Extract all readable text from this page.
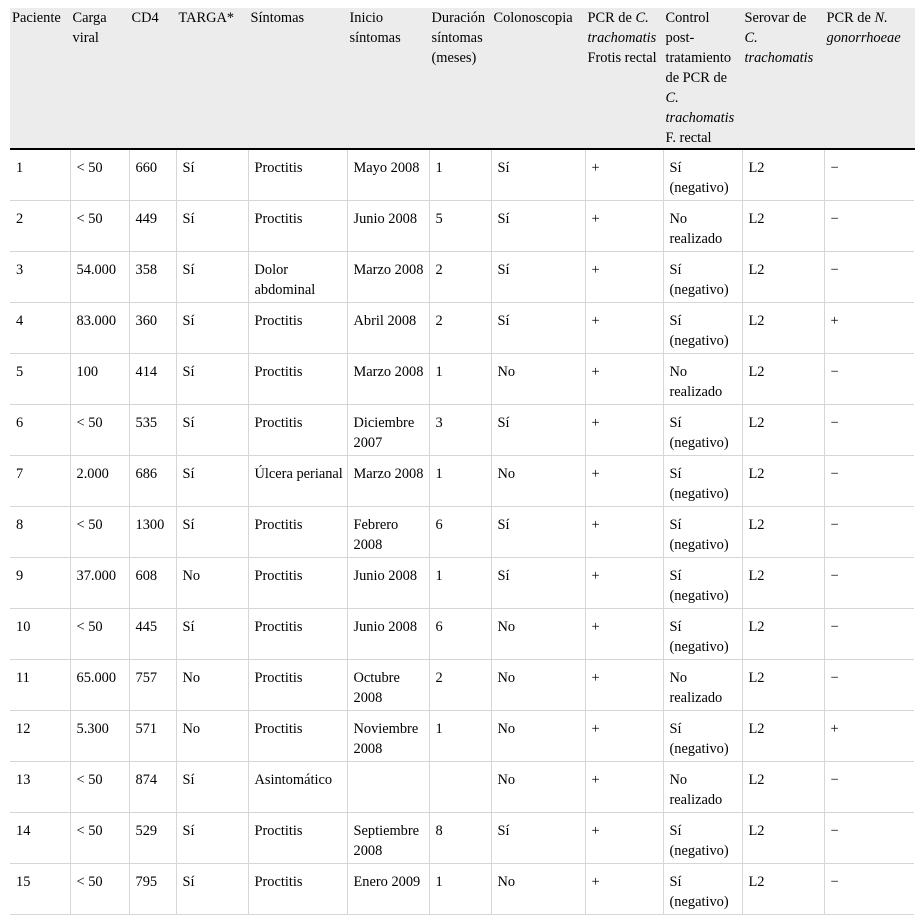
Paciente	Carga viral	CD4	TARGA*	Síntomas	Inicio síntomas	Duración síntomas (meses)	Colonoscopia	PCR de C. trachomatis Frotis rectal	Control post-tratamiento de PCR de C. trachomatis F. rectal	Serovar de C. trachomatis	PCR de N. gonorrhoeae
1	< 50	660	Sí	Proctitis	Mayo 2008	1	Sí	+	Sí (negativo)	L2	−
2	< 50	449	Sí	Proctitis	Junio 2008	5	Sí	+	No realizado	L2	−
3	54.000	358	Sí	Dolor abdominal	Marzo 2008	2	Sí	+	Sí (negativo)	L2	−
4	83.000	360	Sí	Proctitis	Abril 2008	2	Sí	+	Sí (negativo)	L2	+
5	100	414	Sí	Proctitis	Marzo 2008	1	No	+	No realizado	L2	−
6	< 50	535	Sí	Proctitis	Diciembre 2007	3	Sí	+	Sí (negativo)	L2	−
7	2.000	686	Sí	Úlcera perianal	Marzo 2008	1	No	+	Sí (negativo)	L2	−
8	< 50	1300	Sí	Proctitis	Febrero 2008	6	Sí	+	Sí (negativo)	L2	−
9	37.000	608	No	Proctitis	Junio 2008	1	Sí	+	Sí (negativo)	L2	−
10	< 50	445	Sí	Proctitis	Junio 2008	6	No	+	Sí (negativo)	L2	−
11	65.000	757	No	Proctitis	Octubre 2008	2	No	+	No realizado	L2	−
12	5.300	571	No	Proctitis	Noviembre 2008	1	No	+	Sí (negativo)	L2	+
13	< 50	874	Sí	Asintomático			No	+	No realizado	L2	−
14	< 50	529	Sí	Proctitis	Septiembre 2008	8	Sí	+	Sí (negativo)	L2	−
15	< 50	795	Sí	Proctitis	Enero 2009	1	No	+	Sí (negativo)	L2	−
